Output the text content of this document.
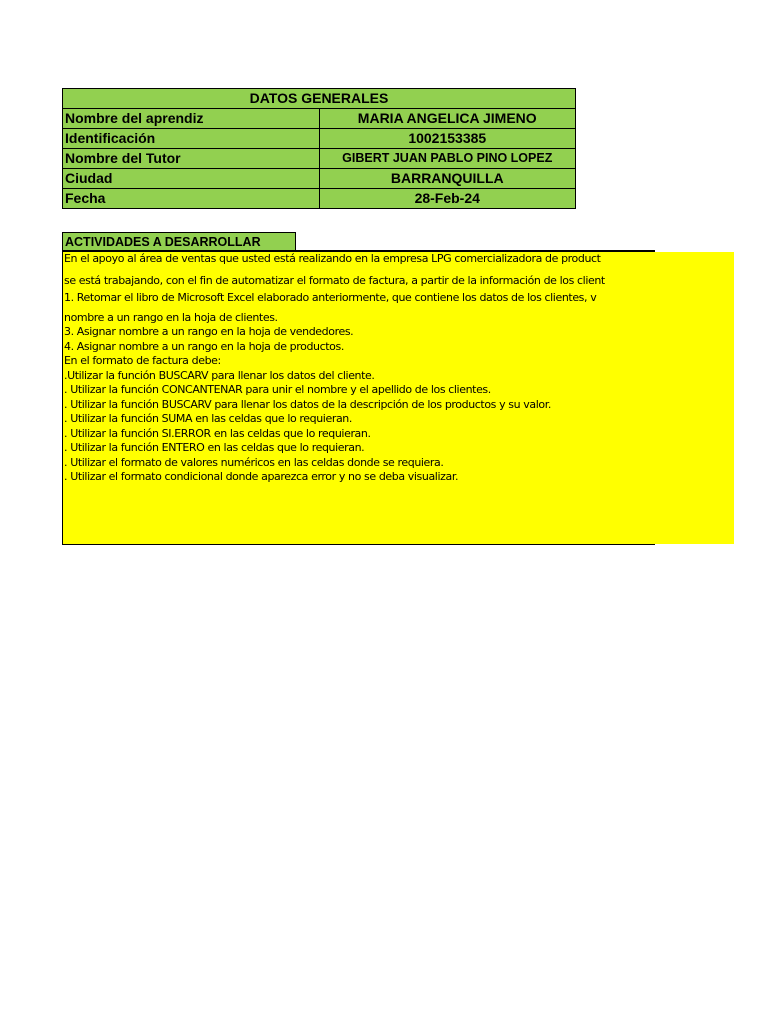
DATOS GENERALES	
Nombre del aprendiz	MARIA ANGELICA JIMENO
Identificación	1002153385
Nombre del Tutor	GIBERT JUAN PABLO PINO LOPEZ
Ciudad	BARRANQUILLA
Fecha	28-Feb-24
ACTIVIDADES A DESARROLLAR
En el apoyo al área de ventas que usted está realizando en la empresa LPG comercializadora de product
se está trabajando, con el fin de automatizar el formato de factura, a partir de la información de los client
1. Retomar el libro de Microsoft Excel elaborado anteriormente, que contiene los datos de los clientes, v
nombre a un rango en la hoja de clientes.
3. Asignar nombre a un rango en la hoja de vendedores.
4. Asignar nombre a un rango en la hoja de productos.
En el formato de factura debe:
.Utilizar la función BUSCARV para llenar los datos del cliente.
. Utilizar la función CONCANTENAR para unir el nombre y el apellido de los clientes.
. Utilizar la función BUSCARV para llenar los datos de la descripción de los productos y su valor.
. Utilizar la función SUMA en las celdas que lo requieran.
. Utilizar la función SI.ERROR en las celdas que lo requieran.
. Utilizar la función ENTERO en las celdas que lo requieran.
. Utilizar el formato de valores numéricos en las celdas donde se requiera.
. Utilizar el formato condicional donde aparezca error y no se deba visualizar.
